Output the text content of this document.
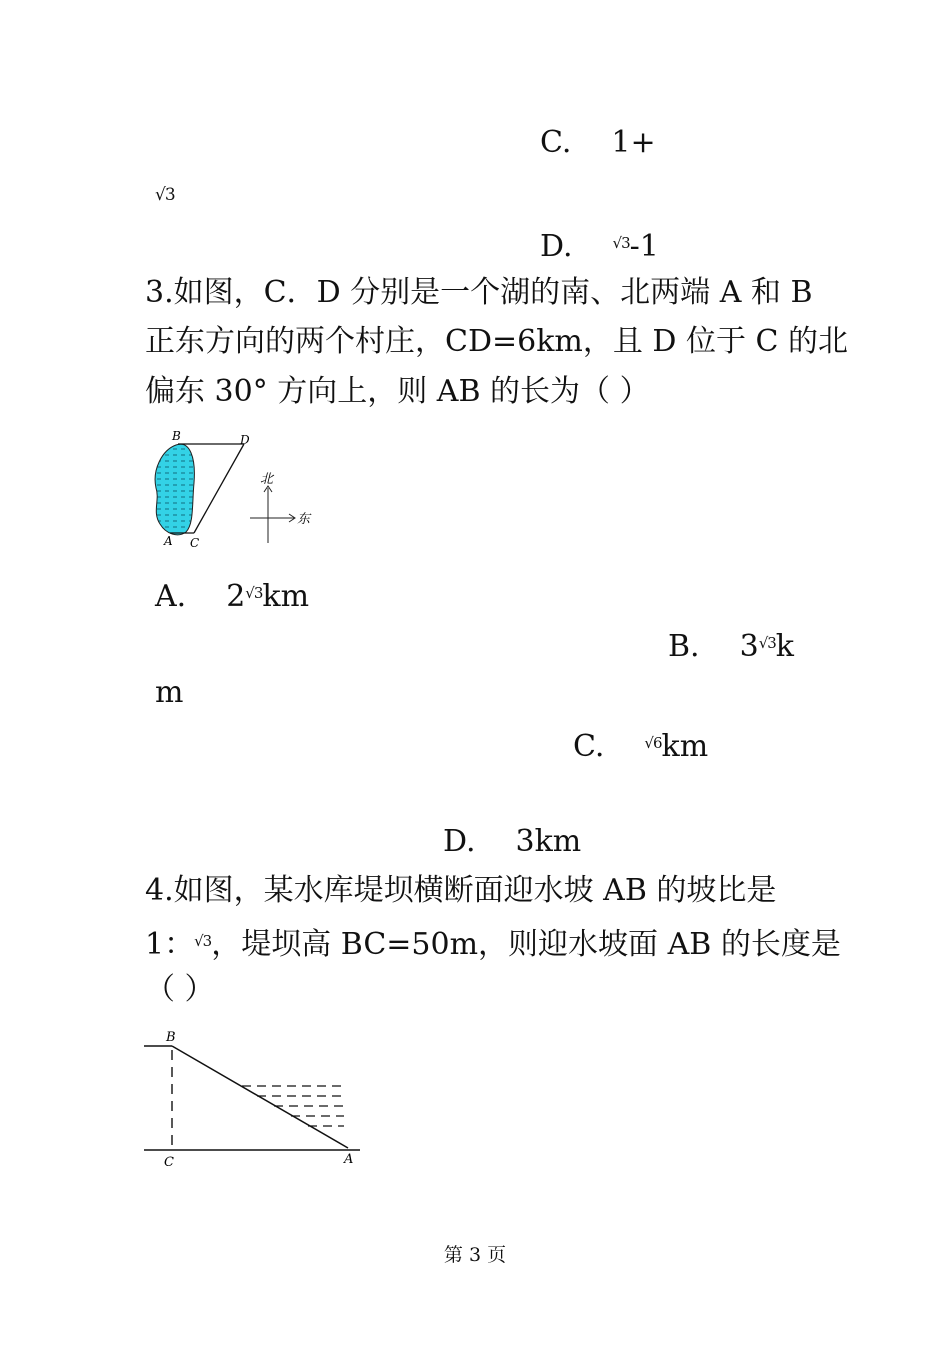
C. 1+
√3
D.	√3-1
3.如图，C．D 分别是一个湖的南、北两端 A 和 B
正东方向的两个村庄，CD=6km，且 D 位于 C 的北
偏东 30° 方向上，则 AB 的长为（ ）
B	D
A C
北
东
A. 2√3km
B. 3√3k
m
C.	√6km
D. 3km
4.如图，某水库堤坝横断面迎水坡 AB 的坡比是
1：√3，堤坝高 BC=50m，则迎水坡面 AB 的长度是
（ ）
B
C	A
第 3 页
